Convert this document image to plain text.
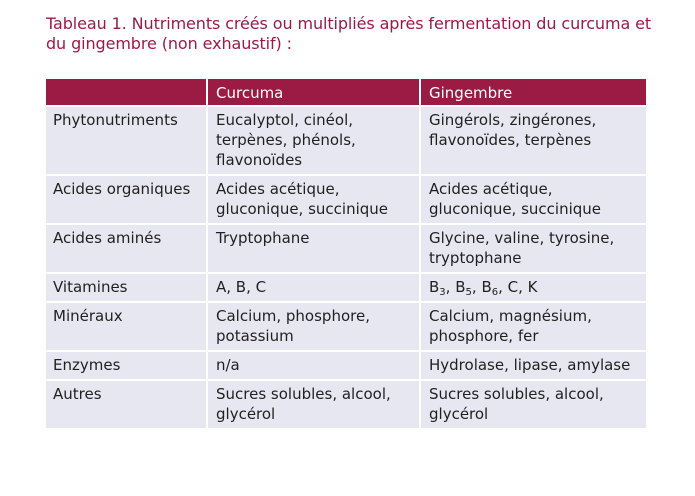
Tableau 1. Nutriments créés ou multipliés après fermentation du curcuma et du gingembre (non exhaustif) :
	Curcuma	Gingembre
Phytonutriments	Eucalyptol, cinéol, terpènes, phénols, flavonoïdes	Gingérols, zingérones, flavonoïdes, terpènes
Acides organiques	Acides acétique, gluconique, succinique	Acides acétique, gluconique, succinique
Acides aminés	Tryptophane	Glycine, valine, tyrosine, tryptophane
Vitamines	A, B, C	$B_3$, $B_5$, $B_6$, C, K
Minéraux	Calcium, phosphore, potassium	Calcium, magnésium, phosphore, fer
Enzymes	n/a	Hydrolase, lipase, amylase
Autres	Sucres solubles, alcool, glycérol	Sucres solubles, alcool, glycérol
